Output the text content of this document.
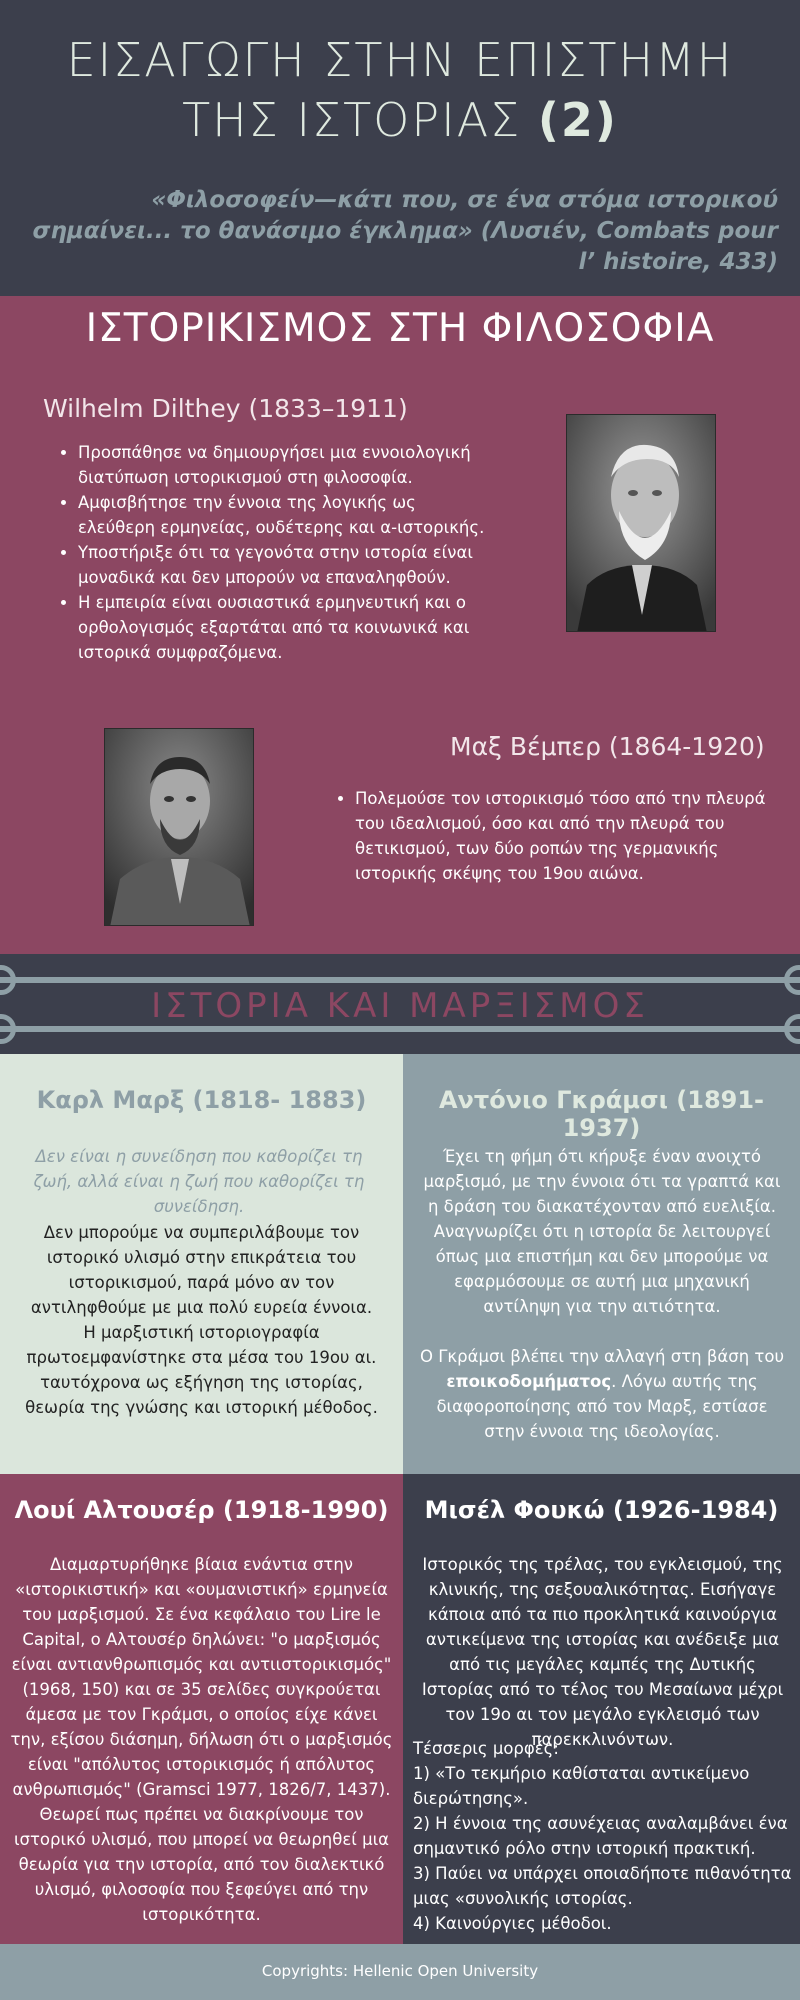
ΕΙΣΑΓΩΓΗ ΣΤΗΝ ΕΠΙΣΤΗΜΗ
ΤΗΣ ΙΣΤΟΡΙΑΣ (2)
«Φιλοσοφείν—κάτι που, σε ένα στόμα ιστορικού
σημαίνει... το θανάσιμο έγκλημα» (Λυσιέν, Combats pour
l’ histoire, 433)
ΙΣΤΟΡΙΚΙΣΜΟΣ ΣΤΗ ΦΙΛΟΣΟΦΙΑ
Wilhelm Dilthey (1833–1911)
• Προσπάθησε να δημιουργήσει μια εννοιολογική διατύπωση ιστορικισμού στη φιλοσοφία.
• Αμφισβήτησε την έννοια της λογικής ως ελεύθερη ερμηνείας, ουδέτερης και α-ιστορικής.
• Υποστήριξε ότι τα γεγονότα στην ιστορία είναι μοναδικά και δεν μπορούν να επαναληφθούν.
• Η εμπειρία είναι ουσιαστικά ερμηνευτική και ο ορθολογισμός εξαρτάται από τα κοινωνικά και ιστορικά συμφραζόμενα.
Μαξ Βέμπερ (1864-1920)
• Πολεμούσε τον ιστορικισμό τόσο από την πλευρά του ιδεαλισμού, όσο και από την πλευρά του θετικισμού, των δύο ροπών της γερμανικής ιστορικής σκέψης του 19ου αιώνα.
ΙΣΤΟΡΙΑ ΚΑΙ ΜΑΡΞΙΣΜΟΣ
Καρλ Μαρξ (1818- 1883)
Δεν είναι η συνείδηση που καθορίζει τη ζωή, αλλά είναι η ζωή που καθορίζει τη συνείδηση.
Δεν μπορούμε να συμπεριλάβουμε τον ιστορικό υλισμό στην επικράτεια του ιστορικισμού, παρά μόνο αν τον αντιληφθούμε με μια πολύ ευρεία έννοια. Η μαρξιστική ιστοριογραφία πρωτοεμφανίστηκε στα μέσα του 19ου αι. ταυτόχρονα ως εξήγηση της ιστορίας, θεωρία της γνώσης και ιστορική μέθοδος.
Αντόνιο Γκράμσι (1891-1937)
Έχει τη φήμη ότι κήρυξε έναν ανοιχτό μαρξισμό, με την έννοια ότι τα γραπτά και η δράση του διακατέχονταν από ευελιξία. Αναγνωρίζει ότι η ιστορία δε λειτουργεί όπως μια επιστήμη και δεν μπορούμε να εφαρμόσουμε σε αυτή μια μηχανική αντίληψη για την αιτιότητα.
Ο Γκράμσι βλέπει την αλλαγή στη βάση του εποικοδομήματος. Λόγω αυτής της διαφοροποίησης από τον Μαρξ, εστίασε στην έννοια της ιδεολογίας.
Λουί Αλτουσέρ (1918-1990)
Διαμαρτυρήθηκε βίαια ενάντια στην «ιστορικιστική» και «ουμανιστική» ερμηνεία του μαρξισμού. Σε ένα κεφάλαιο του Lire le Capital, ο Αλτουσέρ δηλώνει: "ο μαρξισμός είναι αντιανθρωπισμός και αντιιστορικισμός" (1968, 150) και σε 35 σελίδες συγκρούεται άμεσα με τον Γκράμσι, ο οποίος είχε κάνει την, εξίσου διάσημη, δήλωση ότι ο μαρξισμός είναι "απόλυτος ιστορικισμός ή απόλυτος ανθρωπισμός" (Gramsci 1977, 1826/7, 1437). Θεωρεί πως πρέπει να διακρίνουμε τον ιστορικό υλισμό, που μπορεί να θεωρηθεί μια θεωρία για την ιστορία, από τον διαλεκτικό υλισμό, φιλοσοφία που ξεφεύγει από την ιστορικότητα.
Μισέλ Φουκώ (1926-1984)
Ιστορικός της τρέλας, του εγκλεισμού, της κλινικής, της σεξουαλικότητας. Εισήγαγε κάποια από τα πιο προκλητικά καινούργια αντικείμενα της ιστορίας και ανέδειξε μια από τις μεγάλες καμπές της Δυτικής Ιστορίας από το τέλος του Μεσαίωνα μέχρι τον 19ο αι τον μεγάλο εγκλεισμό των παρεκκλινόντων.
Τέσσερις μορφές:
1) «Το τεκμήριο καθίσταται αντικείμενο διερώτησης».
2) Η έννοια της ασυνέχειας αναλαμβάνει ένα σημαντικό ρόλο στην ιστορική πρακτική.
3) Παύει να υπάρχει οποιαδήποτε πιθανότητα μιας «συνολικής ιστορίας.
4) Καινούργιες μέθοδοι.
Copyrights: Hellenic Open University
